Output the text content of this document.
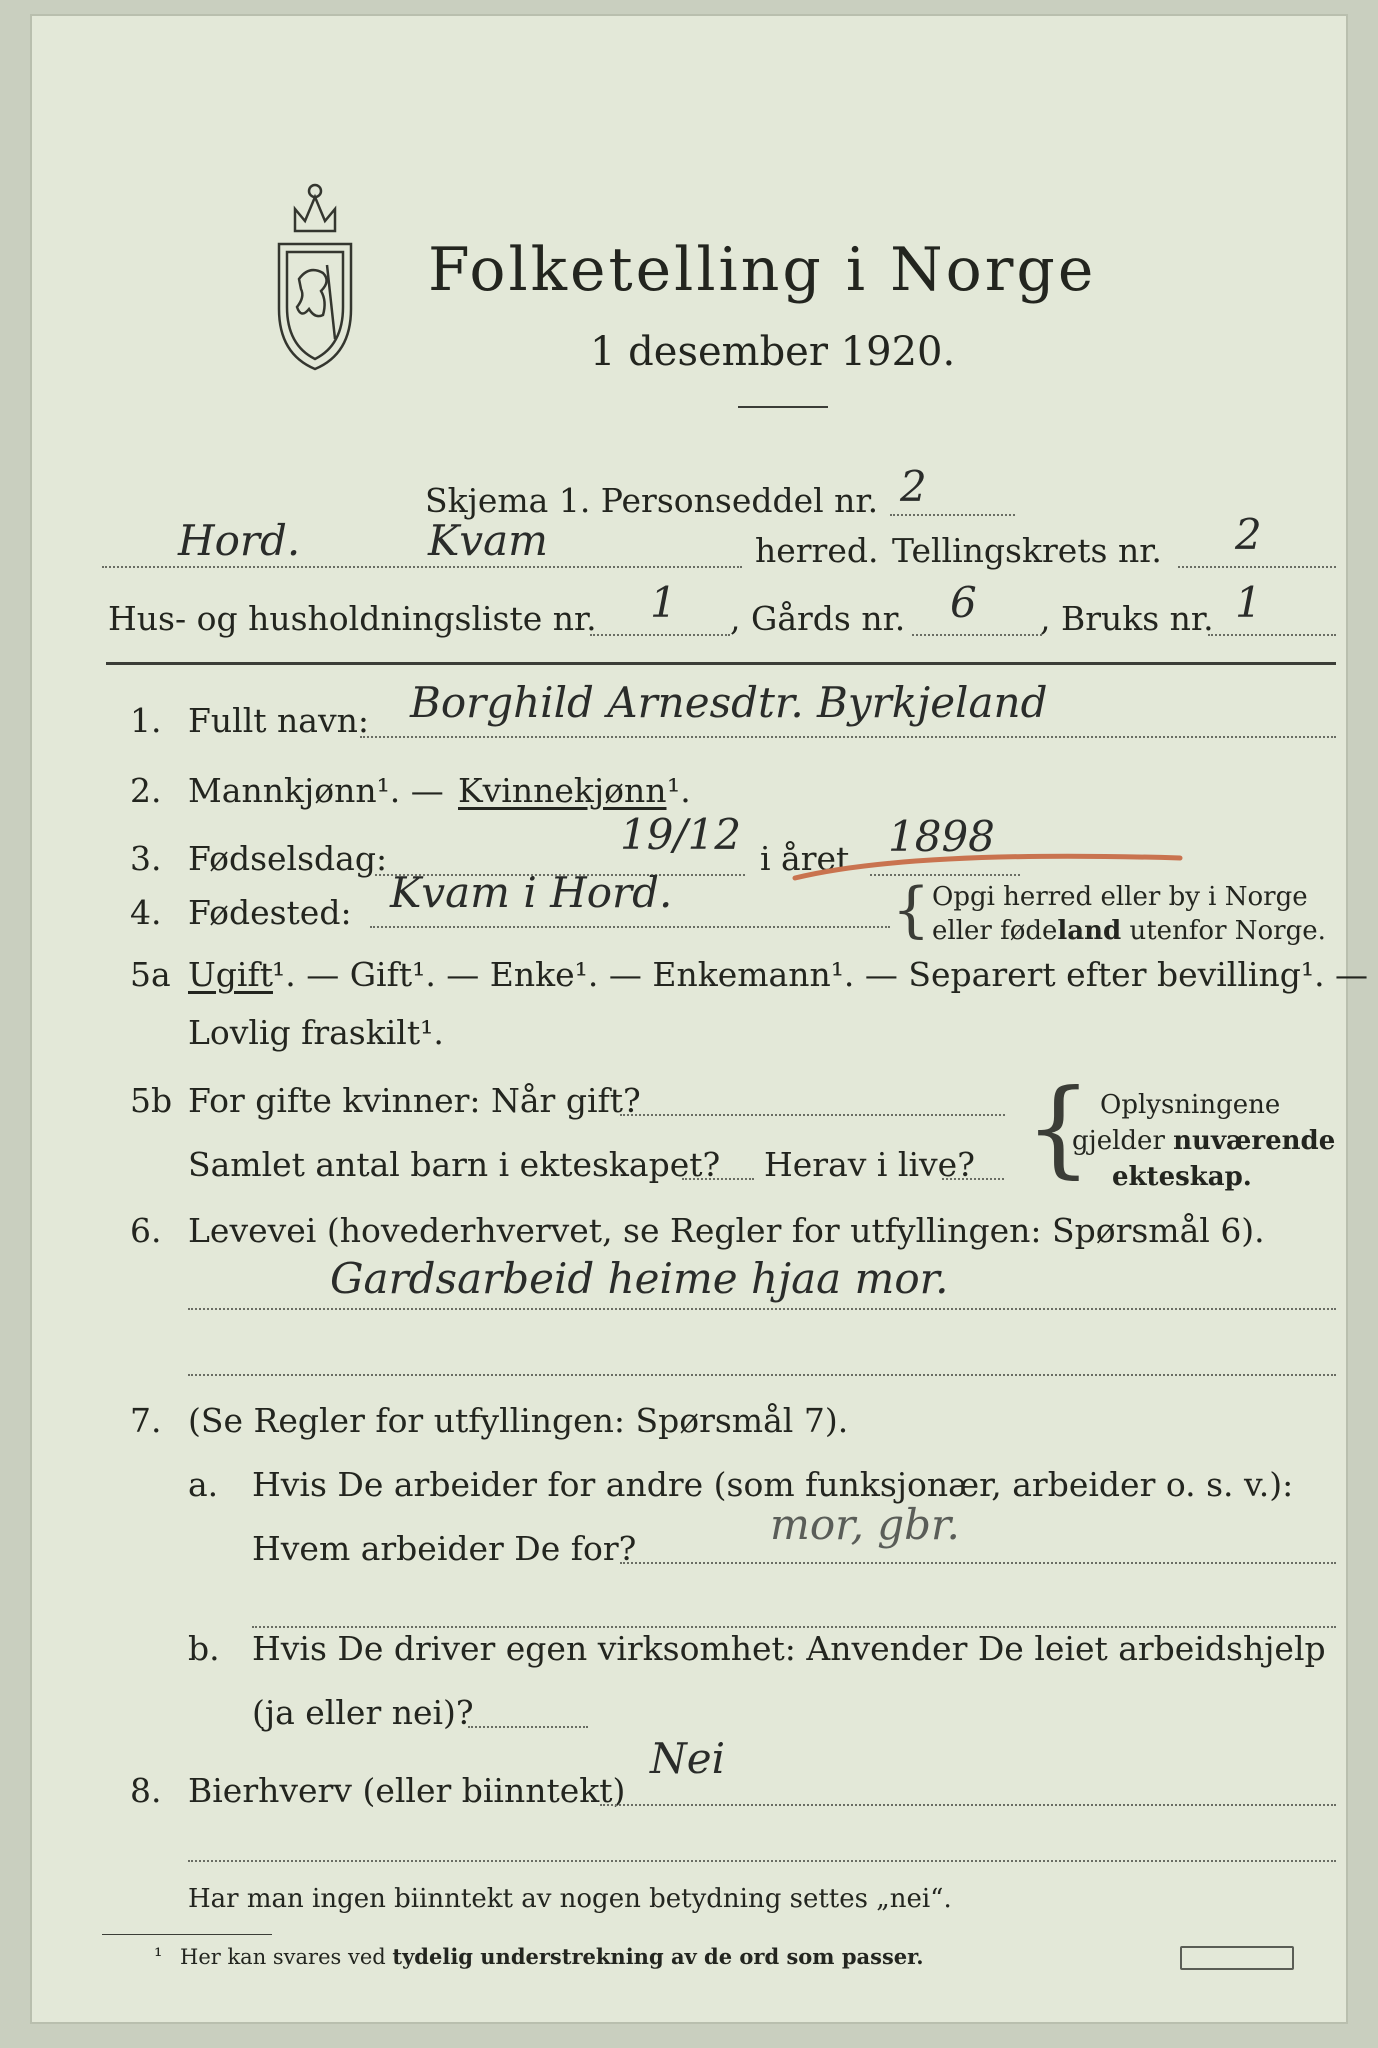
Folketelling i Norge
1 desember 1920.
Skjema 1. Personseddel nr. 2
Hord.	Kvam	herred. Tellingskrets nr. 2
Hus- og husholdningsliste nr. 1 , Gårds nr. 6 , Bruks nr. 1
1. Fullt navn: Borghild Arnesdtr. Byrkjeland
2. Mannkjønn¹. — Kvinnekjønn ¹.
3. Fødselsdag:	19/12 i året 1898
4. Fødested: Kvam i Hord.	{ Opgi herred eller by i Norge
eller fødeland utenfor Norge.
5a Ugift ¹. — Gift¹. — Enke¹. — Enkemann¹. — Separert efter bevilling¹. —
Lovlig fraskilt¹.
5b For gifte kvinner: Når gift?
Samlet antal barn i ekteskapet? Herav i live? { Oplysningene
gjelder nuværende
ekteskap.
6. Levevei (hovederhvervet, se Regler for utfyllingen: Spørsmål 6).
Gardsarbeid heime hjaa mor.
7. (Se Regler for utfyllingen: Spørsmål 7).
a. Hvis De arbeider for andre (som funksjonær, arbeider o. s. v.):
Hvem arbeider De for?	mor, gbr.
b. Hvis De driver egen virksomhet: Anvender De leiet arbeidshjelp
(ja eller nei)?
8. Bierhverv (eller biinntekt)
Nei
Har man ingen biinntekt av nogen betydning settes „nei“.
¹ Her kan svares ved tydelig understrekning av de ord som passer.
